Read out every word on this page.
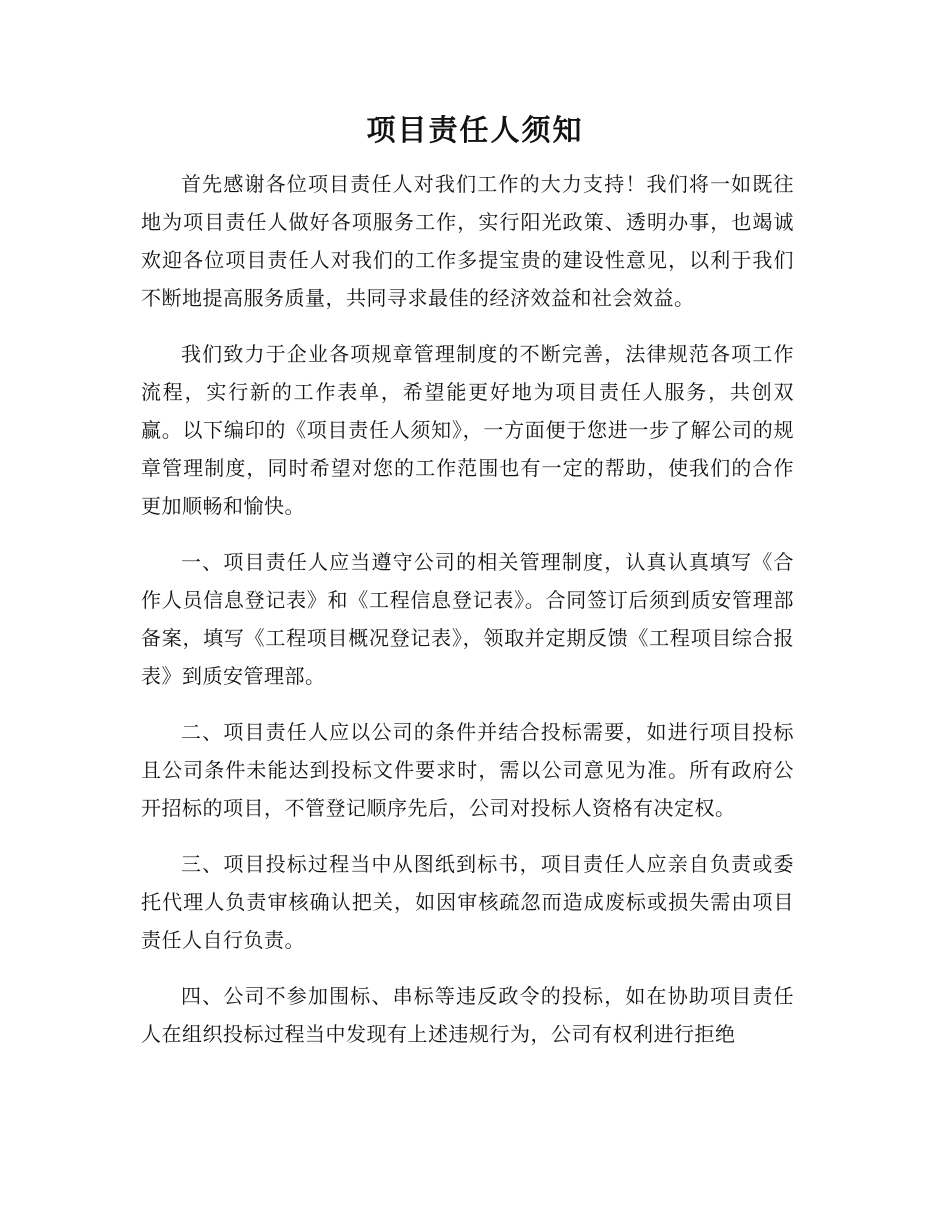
项目责任人须知

首先感谢各位项目责任人对我们工作的大力支持！我们将一如既往地为项目责任人做好各项服务工作，实行阳光政策、透明办事，也竭诚欢迎各位项目责任人对我们的工作多提宝贵的建设性意见，以利于我们不断地提高服务质量，共同寻求最佳的经济效益和社会效益。

我们致力于企业各项规章管理制度的不断完善，法律规范各项工作流程，实行新的工作表单，希望能更好地为项目责任人服务，共创双赢。以下编印的《项目责任人须知》，一方面便于您进一步了解公司的规章管理制度，同时希望对您的工作范围也有一定的帮助，使我们的合作更加顺畅和愉快。

一、项目责任人应当遵守公司的相关管理制度，认真认真填写《合作人员信息登记表》和《工程信息登记表》。合同签订后须到质安管理部备案，填写《工程项目概况登记表》，领取并定期反馈《工程项目综合报表》到质安管理部。

二、项目责任人应以公司的条件并结合投标需要，如进行项目投标且公司条件未能达到投标文件要求时，需以公司意见为准。所有政府公开招标的项目，不管登记顺序先后，公司对投标人资格有决定权。

三、项目投标过程当中从图纸到标书，项目责任人应亲自负责或委托代理人负责审核确认把关，如因审核疏忽而造成废标或损失需由项目责任人自行负责。

四、公司不参加围标、串标等违反政令的投标，如在协助项目责任人在组织投标过程当中发现有上述违规行为，公司有权利进行拒绝
